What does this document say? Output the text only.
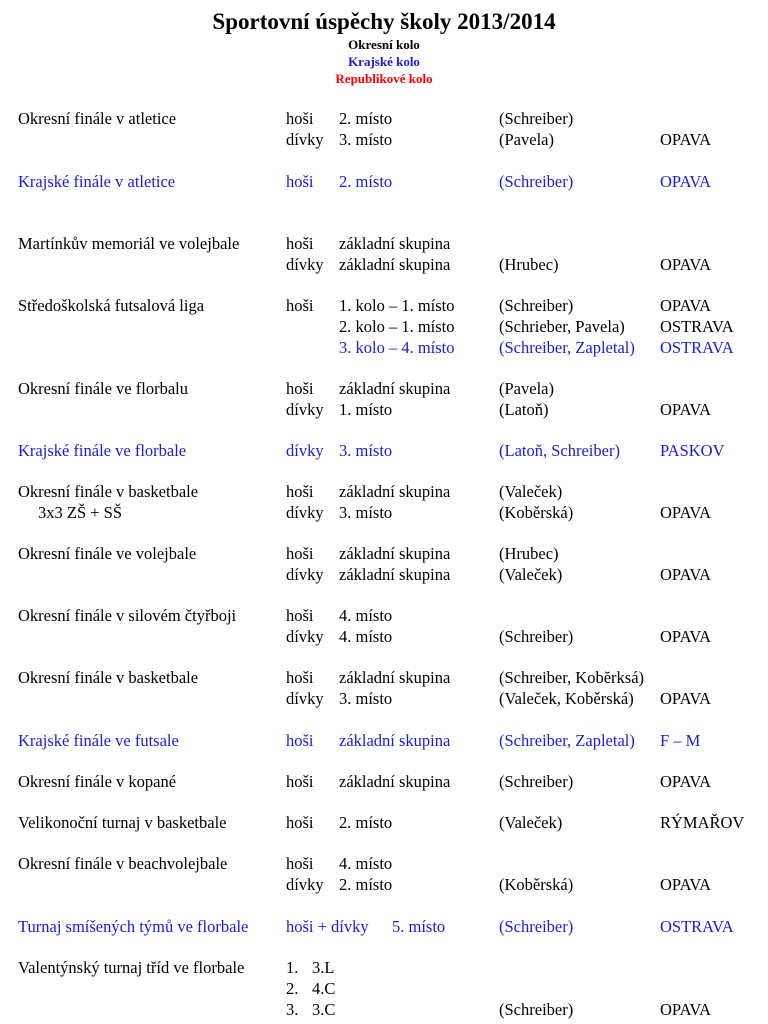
Sportovní úspěchy školy 2013/2014
Okresní kolo
Krajské kolo
Republikové kolo
Okresní finále v atletice	hoši 2. místo	(Schreiber)
dívky 3. místo	(Pavela)	OPAVA
Krajské finále v atletice	hoši 2. místo	(Schreiber)	OPAVA
Martínkův memoriál ve volejbale	hoši základní skupina
dívky základní skupina	(Hrubec)	OPAVA
Středoškolská futsalová liga	hoši 1. kolo – 1. místo	(Schreiber)	OPAVA
2. kolo – 1. místo	(Schrieber, Pavela) OSTRAVA
3. kolo – 4. místo	(Schreiber, Zapletal) OSTRAVA
Okresní finále ve florbalu	hoši základní skupina	(Pavela)
dívky 1. místo	(Latoň)	OPAVA
Krajské finále ve florbale	dívky 3. místo	(Latoň, Schreiber) PASKOV
Okresní finále v basketbale	hoši základní skupina	(Valeček)
3x3 ZŠ + SŠ	dívky 3. místo	(Koběrská)	OPAVA
Okresní finále ve volejbale	hoši základní skupina	(Hrubec)
dívky základní skupina	(Valeček)	OPAVA
Okresní finále v silovém čtyřboji	hoši 4. místo
dívky 4. místo	(Schreiber)	OPAVA
Okresní finále v basketbale	hoši základní skupina	(Schreiber, Kobĕrksá)
dívky 3. místo	(Valeček, Koběrská) OPAVA
Krajské finále ve futsale	hoši základní skupina	(Schreiber, Zapletal) F – M
Okresní finále v kopané	hoši základní skupina	(Schreiber)	OPAVA
Velikonoční turnaj v basketbale	hoši 2. místo	(Valeček)	RÝMAŘOV
Okresní finále v beachvolejbale	hoši 4. místo
dívky 2. místo	(Koběrská)	OPAVA
Turnaj smíšených týmů ve florbale hoši + dívky 5. místo	(Schreiber)	OSTRAVA
Valentýnský turnaj tříd ve florbale	1. 3.L
2. 4.C
3. 3.C	(Schreiber)	OPAVA
